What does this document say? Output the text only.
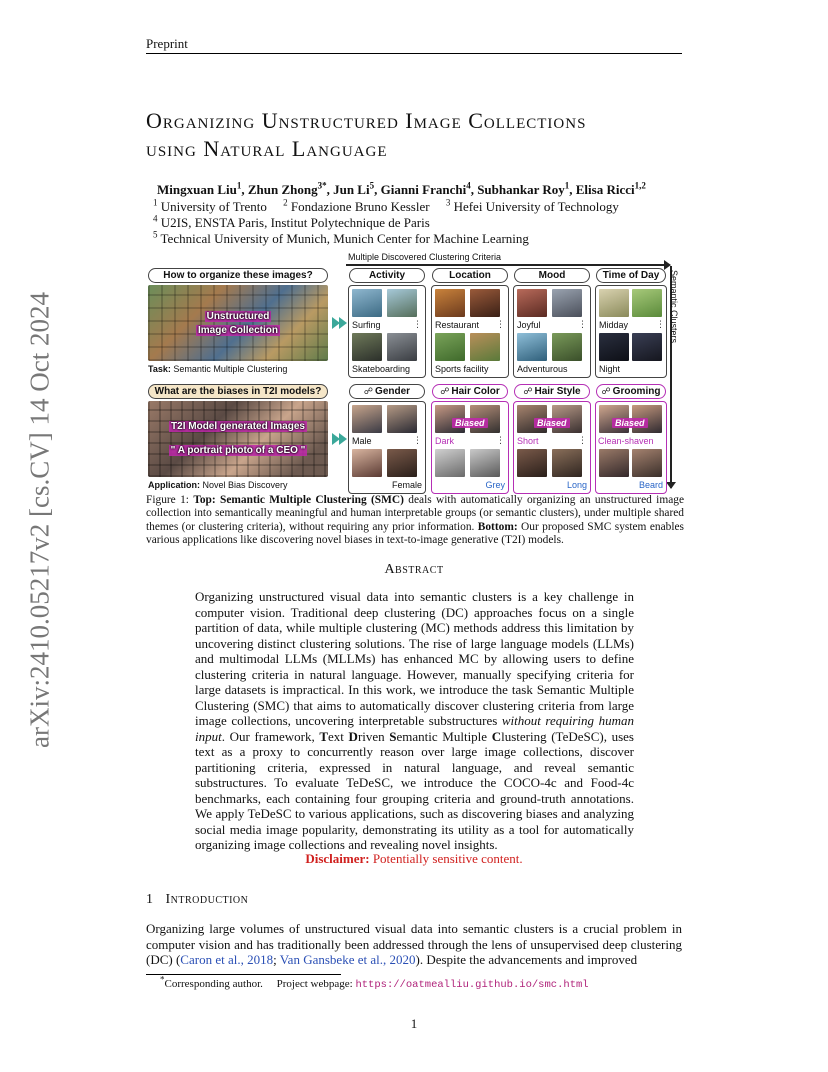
arXiv:2410.05217v2 [cs.CV] 14 Oct 2024
Preprint
Organizing Unstructured Image Collections
using Natural Language
Mingxuan Liu$^1$, Zhun Zhong$^{3*}$, Jun Li$^5$, Gianni Franchi$^4$, Subhankar Roy$^1$, Elisa Ricci$^{1,2}$
$^1$ University of Trento $^2$ Fondazione Bruno Kessler $^3$ Hefei University of Technology
$^4$ U2IS, ENSTA Paris, Institut Polytechnique de Paris
$^5$ Technical University of Munich, Munich Center for Machine Learning
Multiple Discovered Clustering Criteria
Semantic Clusters
How to organize these images?
Unstructured
Image Collection
Task: Semantic Multiple Clustering
Activity
Surfing	⋮
Skateboarding
Location
Restaurant ⋮
Sports facility
Mood
Joyful	⋮
Adventurous
Time of Day
Midday	⋮
Night
What are the biases in T2I models?
T2I Model generated Images
" A portrait photo of a CEO "
Application: Novel Bias Discovery
☍ Gender
Male	⋮
Female
☍ Hair Color
Biased
Dark	⋮
Grey
☍ Hair Style
Biased
Short	⋮
Long
☍ Grooming
Biased
Clean-shaven
Beard
Figure 1: Top: Semantic Multiple Clustering (SMC) deals with automatically organizing an unstructured image collection into semantically meaningful and human interpretable groups (or semantic clusters), under multiple shared themes (or clustering criteria), without requiring any prior information. Bottom: Our proposed SMC system enables various applications like discovering novel biases in text-to-image generative (T2I) models.
Abstract
Organizing unstructured visual data into semantic clusters is a key challenge in computer vision. Traditional deep clustering (DC) approaches focus on a single partition of data, while multiple clustering (MC) methods address this limitation by uncovering distinct clustering solutions. The rise of large language models (LLMs) and multimodal LLMs (MLLMs) has enhanced MC by allowing users to define clustering criteria in natural language. However, manually specifying criteria for large datasets is impractical. In this work, we introduce the task Semantic Multiple Clustering (SMC) that aims to automatically discover clustering criteria from large image collections, uncovering interpretable substructures without requiring human input. Our framework, Text Driven Semantic Multiple Clustering (TeDeSC), uses text as a proxy to concurrently reason over large image collections, discover partitioning criteria, expressed in natural language, and reveal semantic substructures. To evaluate TeDeSC, we introduce the COCO-4c and Food-4c benchmarks, each containing four grouping criteria and ground-truth annotations. We apply TeDeSC to various applications, such as discovering biases and analyzing social media image popularity, demonstrating its utility as a tool for automatically organizing image collections and revealing novel insights.
Disclaimer: Potentially sensitive content.
1 Introduction
Organizing large volumes of unstructured visual data into semantic clusters is a crucial problem in computer vision and has traditionally been addressed through the lens of unsupervised deep clustering (DC) (Caron et al., 2018; Van Gansbeke et al., 2020). Despite the advancements and improved
*Corresponding author. Project webpage: https://oatmealliu.github.io/smc.html
1
